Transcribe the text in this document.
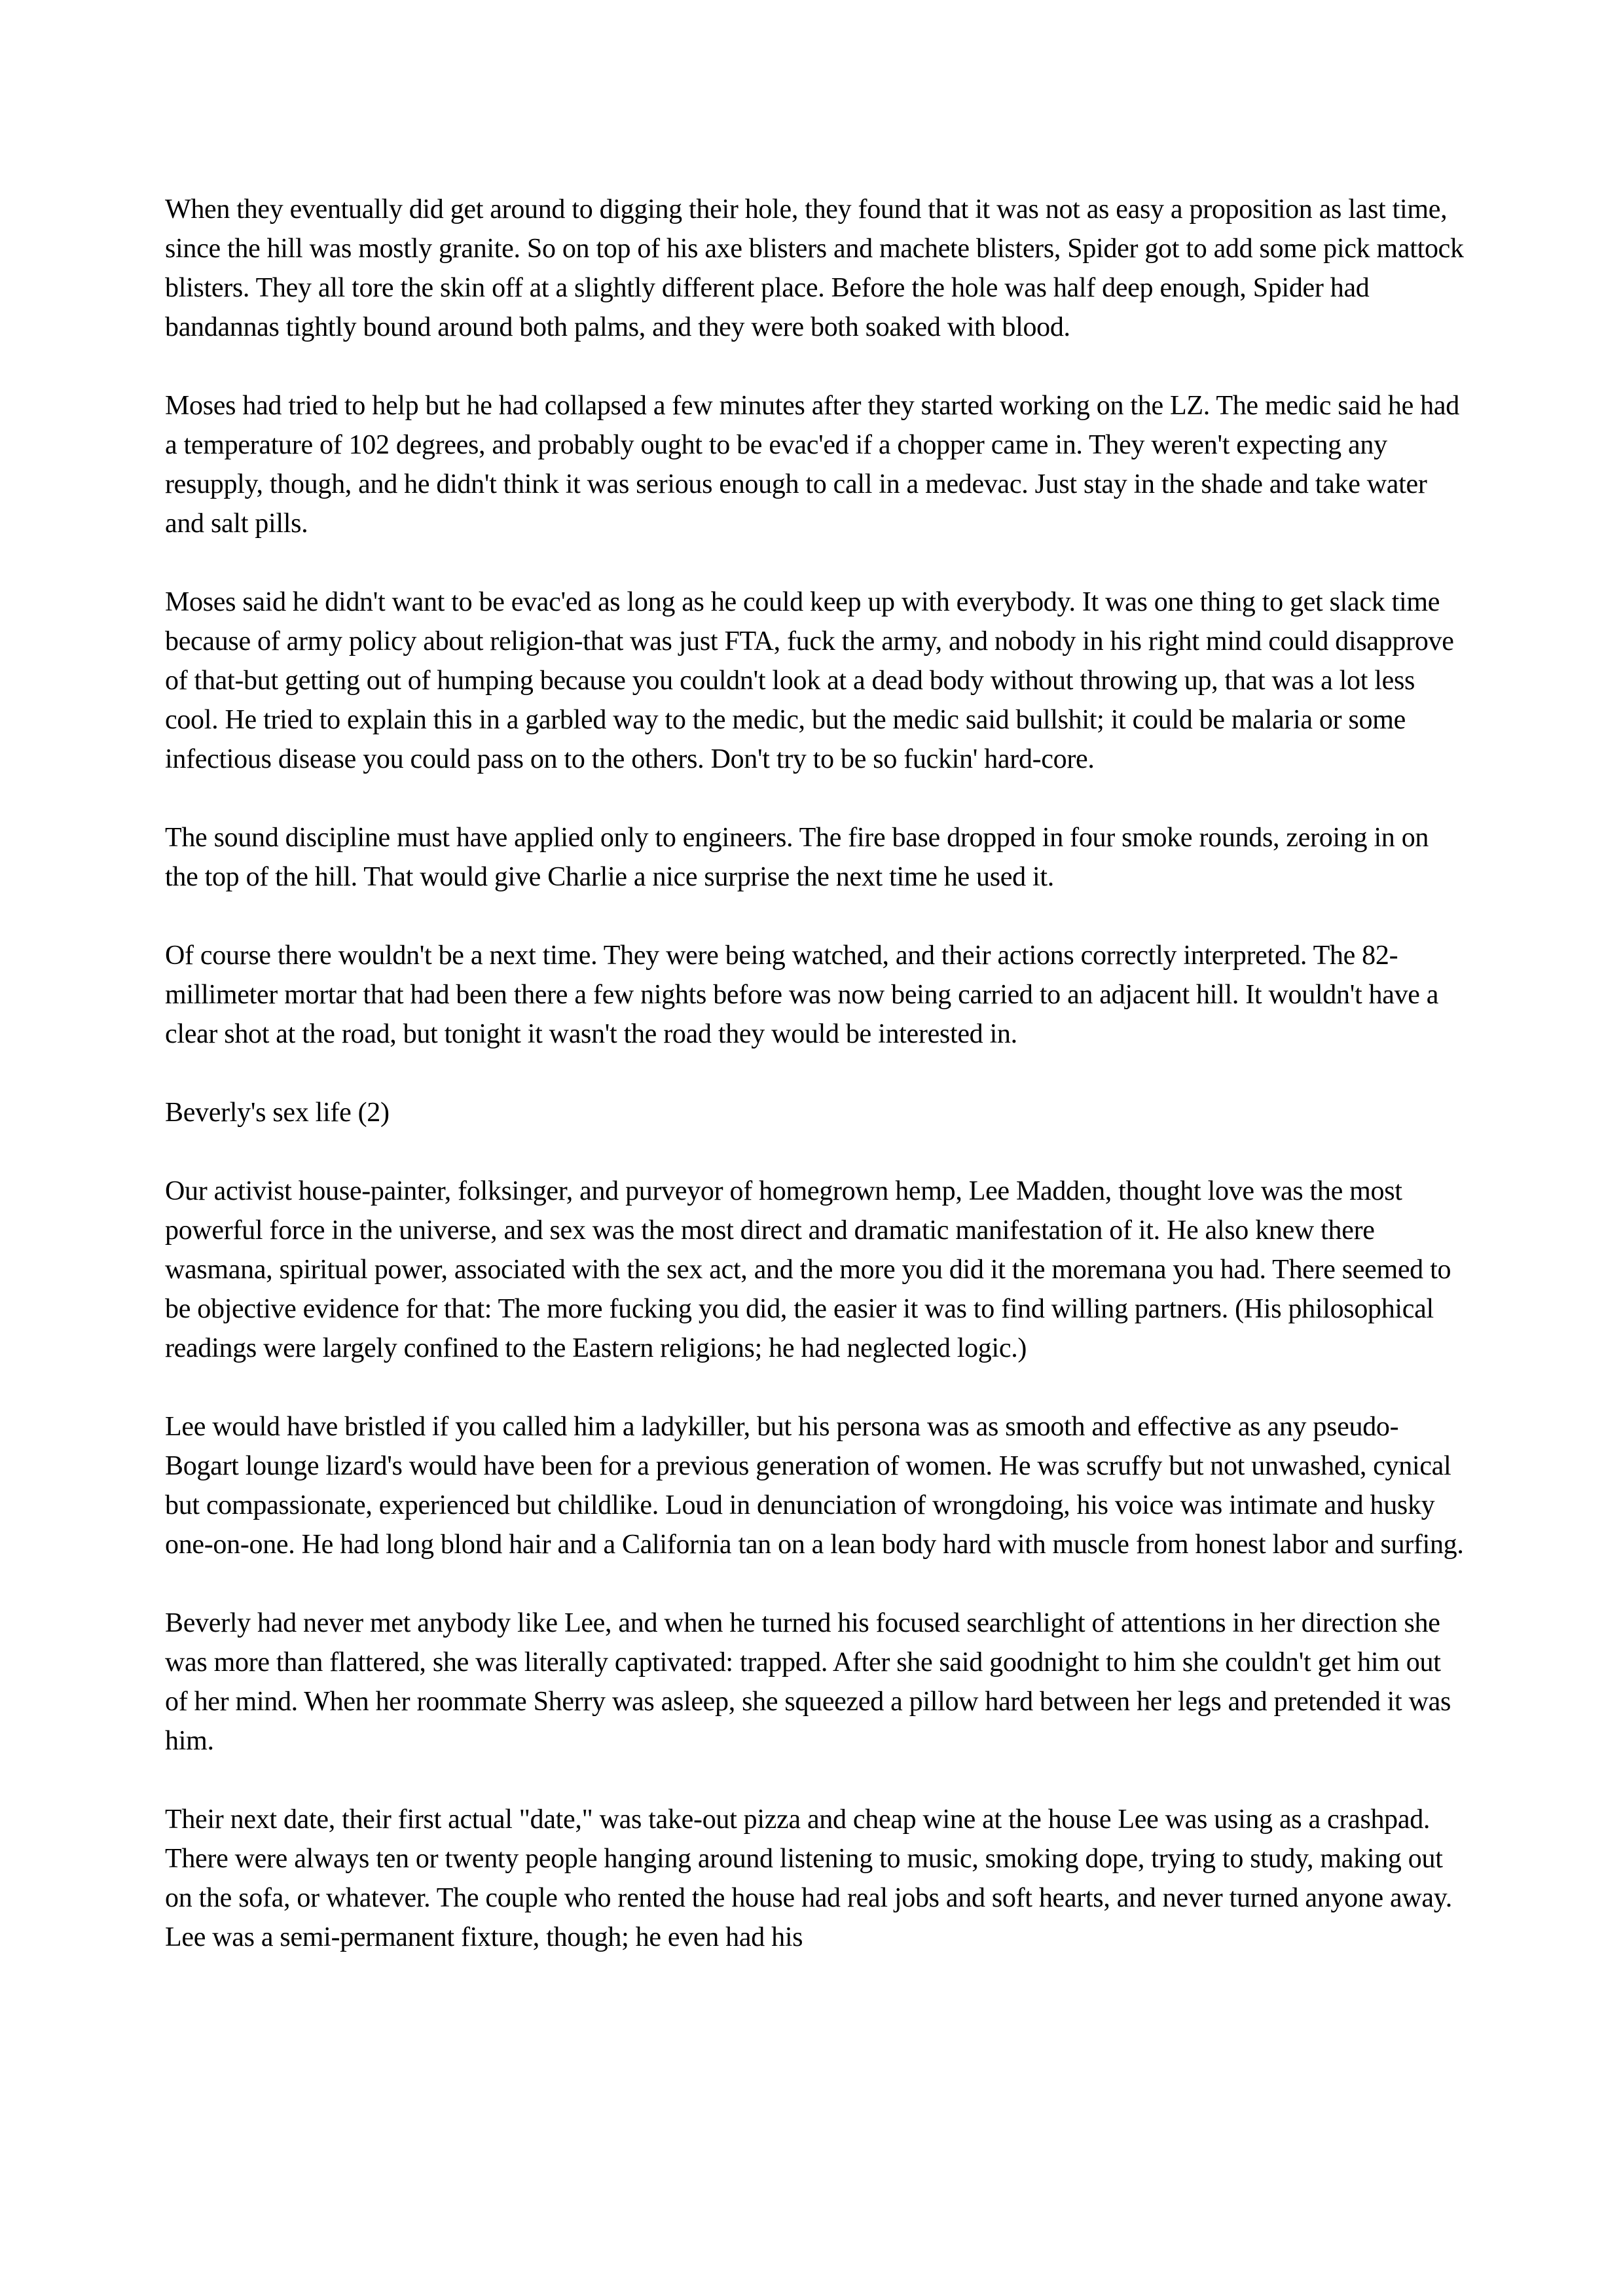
When they eventually did get around to digging their hole, they found that it was not as easy a proposition as last time, since the hill was mostly granite. So on top of his axe blisters and machete blisters, Spider got to add some pick mattock blisters. They all tore the skin off at a slightly different place. Before the hole was half deep enough, Spider had bandannas tightly bound around both palms, and they were both soaked with blood.

Moses had tried to help but he had collapsed a few minutes after they started working on the LZ. The medic said he had a temperature of 102 degrees, and probably ought to be evac'ed if a chopper came in. They weren't expecting any resupply, though, and he didn't think it was serious enough to call in a medevac. Just stay in the shade and take water and salt pills.

Moses said he didn't want to be evac'ed as long as he could keep up with everybody. It was one thing to get slack time because of army policy about religion-that was just FTA, fuck the army, and nobody in his right mind could disapprove of that-but getting out of humping because you couldn't look at a dead body without throwing up, that was a lot less cool. He tried to explain this in a garbled way to the medic, but the medic said bullshit; it could be malaria or some infectious disease you could pass on to the others. Don't try to be so fuckin' hard-core.

The sound discipline must have applied only to engineers. The fire base dropped in four smoke rounds, zeroing in on the top of the hill. That would give Charlie a nice surprise the next time he used it.

Of course there wouldn't be a next time. They were being watched, and their actions correctly interpreted. The 82-millimeter mortar that had been there a few nights before was now being carried to an adjacent hill. It wouldn't have a clear shot at the road, but tonight it wasn't the road they would be interested in.

Beverly's sex life (2)

Our activist house-painter, folksinger, and purveyor of homegrown hemp, Lee Madden, thought love was the most powerful force in the universe, and sex was the most direct and dramatic manifestation of it. He also knew there wasmana, spiritual power, associated with the sex act, and the more you did it the moremana you had. There seemed to be objective evidence for that: The more fucking you did, the easier it was to find willing partners. (His philosophical readings were largely confined to the Eastern religions; he had neglected logic.)

Lee would have bristled if you called him a ladykiller, but his persona was as smooth and effective as any pseudo-Bogart lounge lizard's would have been for a previous generation of women. He was scruffy but not unwashed, cynical but compassionate, experienced but childlike. Loud in denunciation of wrongdoing, his voice was intimate and husky one-on-one. He had long blond hair and a California tan on a lean body hard with muscle from honest labor and surfing.

Beverly had never met anybody like Lee, and when he turned his focused searchlight of attentions in her direction she was more than flattered, she was literally captivated: trapped. After she said goodnight to him she couldn't get him out of her mind. When her roommate Sherry was asleep, she squeezed a pillow hard between her legs and pretended it was him.

Their next date, their first actual "date," was take-out pizza and cheap wine at the house Lee was using as a crashpad. There were always ten or twenty people hanging around listening to music, smoking dope, trying to study, making out on the sofa, or whatever. The couple who rented the house had real jobs and soft hearts, and never turned anyone away. Lee was a semi-permanent fixture, though; he even had his
